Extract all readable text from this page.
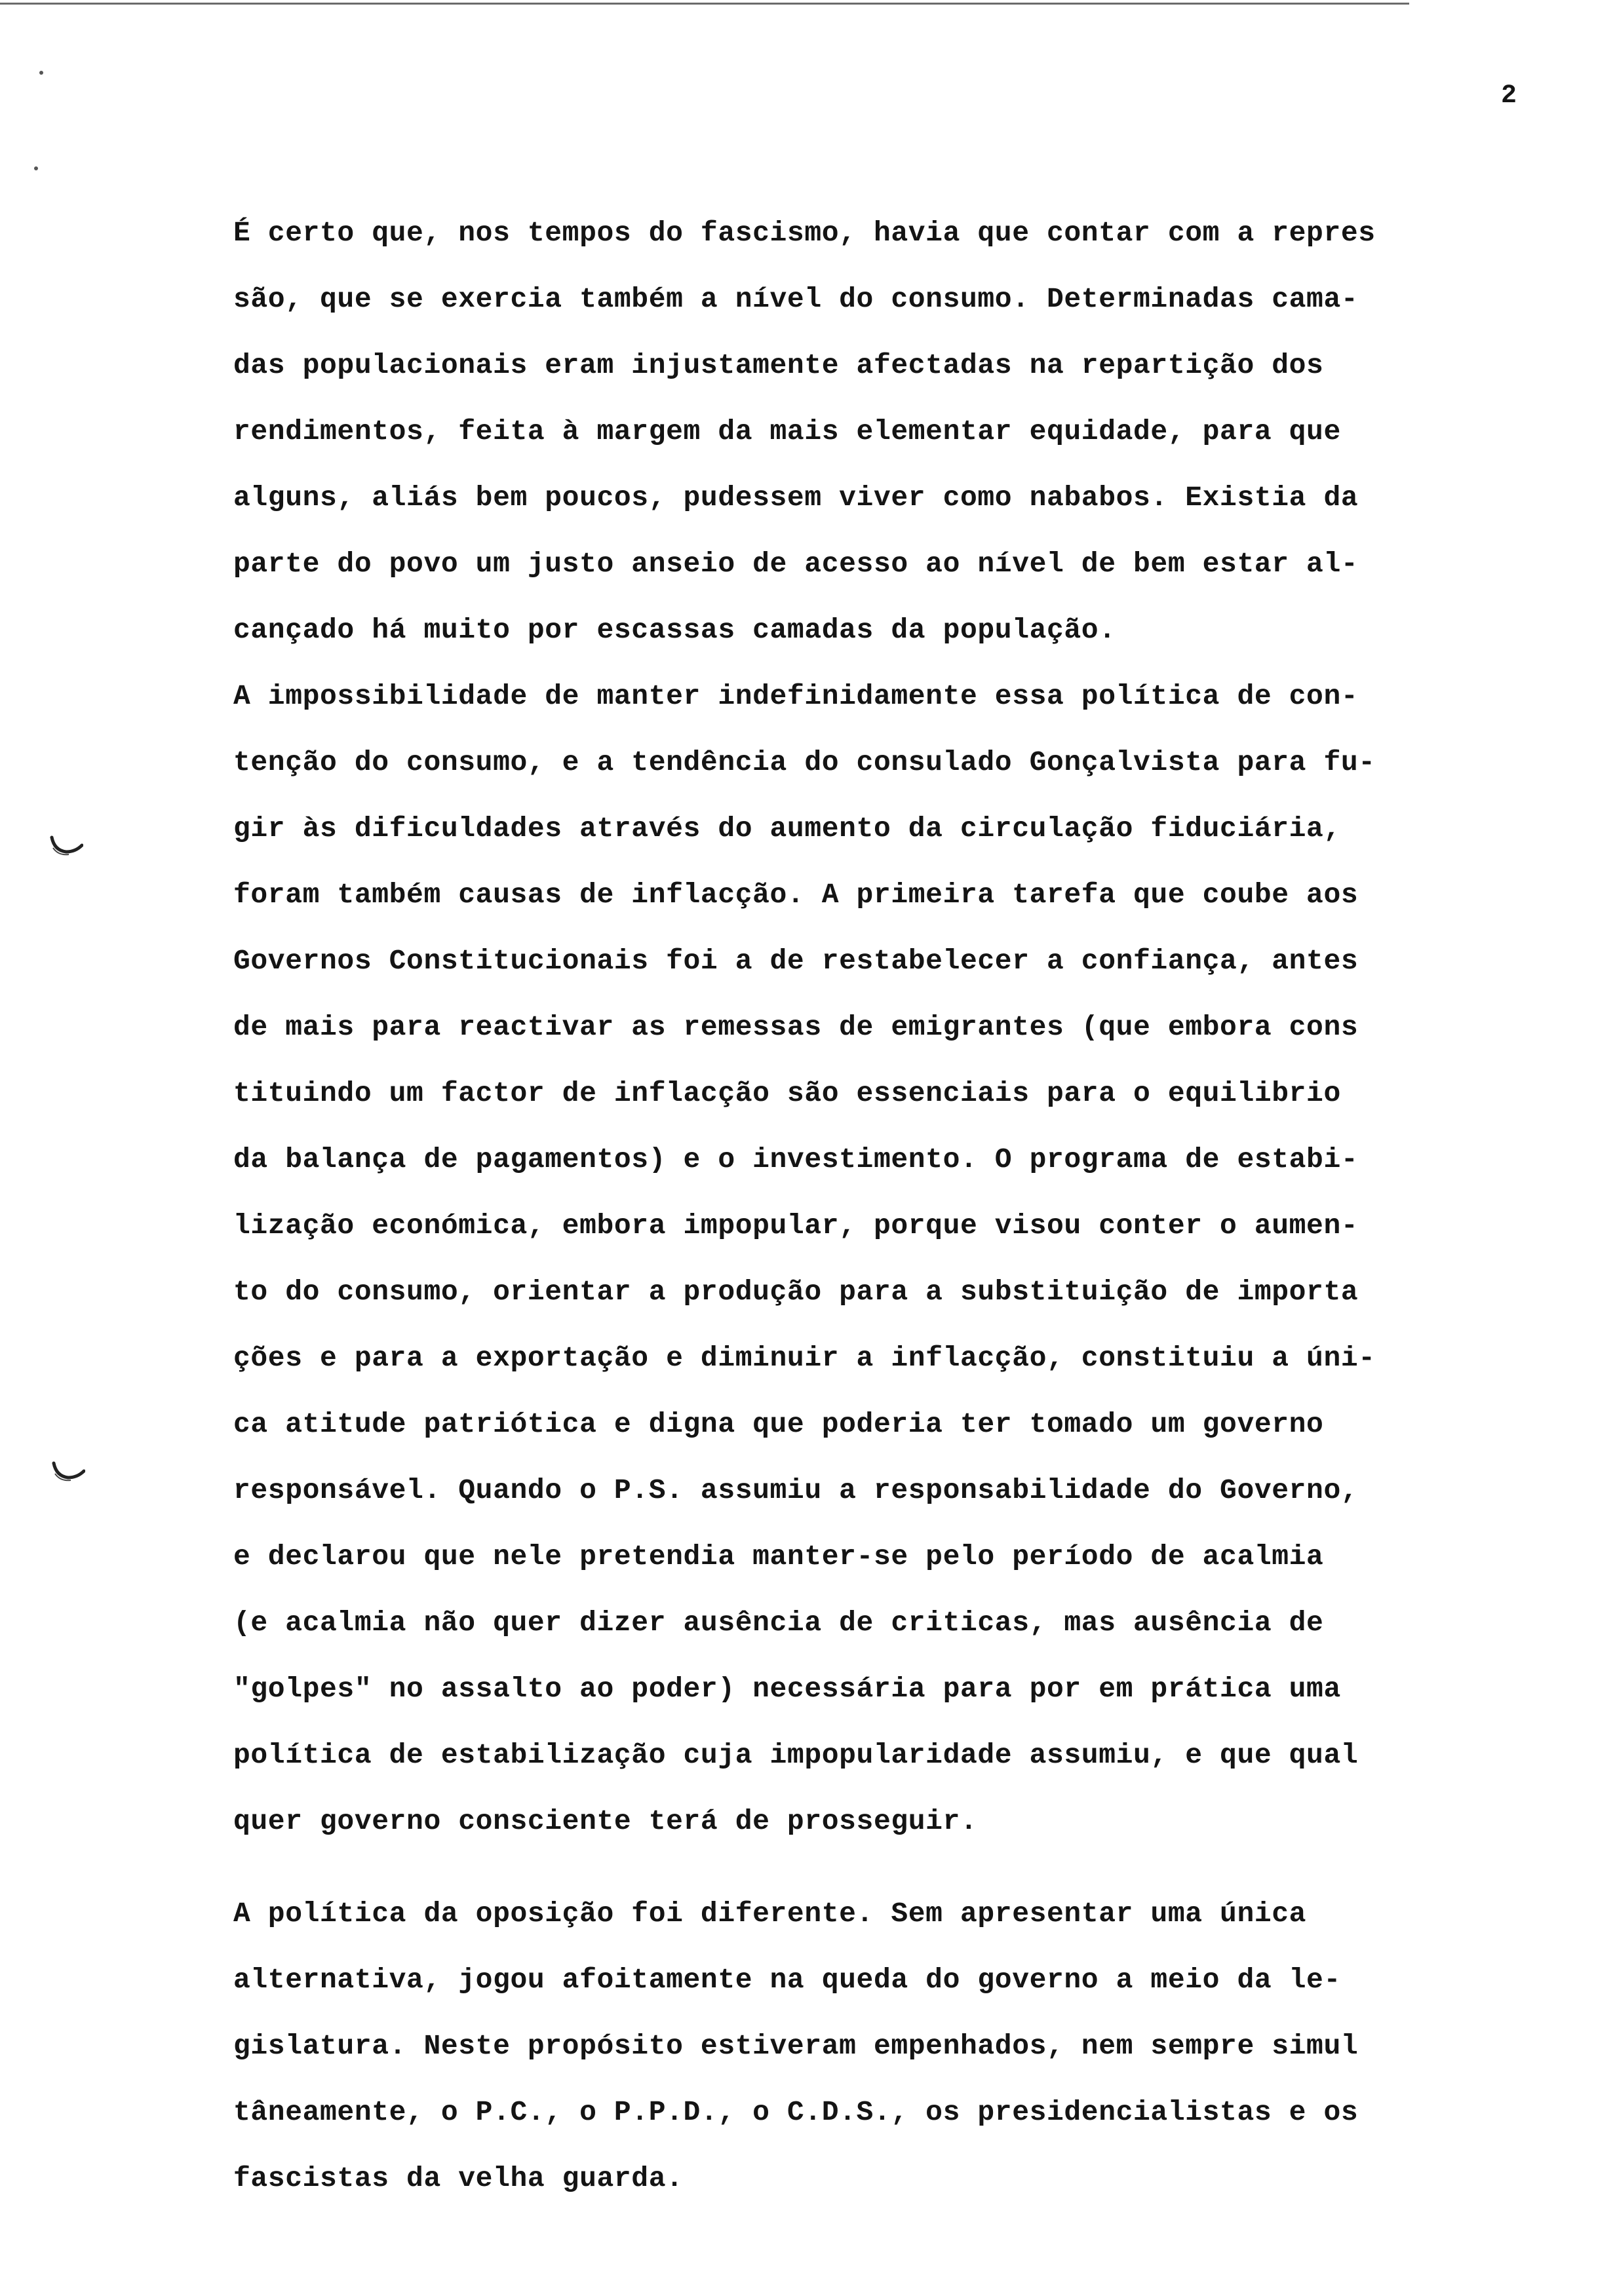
2
É certo que, nos tempos do fascismo, havia que contar com a repres
são, que se exercia também a nível do consumo. Determinadas cama-
das populacionais eram injustamente afectadas na repartição dos
rendimentos, feita à margem da mais elementar equidade, para que
alguns, aliás bem poucos, pudessem viver como nababos. Existia da
parte do povo um justo anseio de acesso ao nível de bem estar al-
cançado há muito por escassas camadas da população.
A impossibilidade de manter indefinidamente essa política de con-
tenção do consumo, e a tendência do consulado Gonçalvista para fu-
gir às dificuldades através do aumento da circulação fiduciária,
foram também causas de inflacção. A primeira tarefa que coube aos
Governos Constitucionais foi a de restabelecer a confiança, antes
de mais para reactivar as remessas de emigrantes (que embora cons
tituindo um factor de inflacção são essenciais para o equilibrio
da balança de pagamentos) e o investimento. O programa de estabi-
lização económica, embora impopular, porque visou conter o aumen-
to do consumo, orientar a produção para a substituição de importa
ções e para a exportação e diminuir a inflacção, constituiu a úni-
ca atitude patriótica e digna que poderia ter tomado um governo
responsável. Quando o P.S. assumiu a responsabilidade do Governo,
e declarou que nele pretendia manter-se pelo período de acalmia
(e acalmia não quer dizer ausência de criticas, mas ausência de
"golpes" no assalto ao poder) necessária para por em prática uma
política de estabilização cuja impopularidade assumiu, e que qual
quer governo consciente terá de prosseguir.
A política da oposição foi diferente. Sem apresentar uma única
alternativa, jogou afoitamente na queda do governo a meio da le-
gislatura. Neste propósito estiveram empenhados, nem sempre simul
tâneamente, o P.C., o P.P.D., o C.D.S., os presidencialistas e os
fascistas da velha guarda.
